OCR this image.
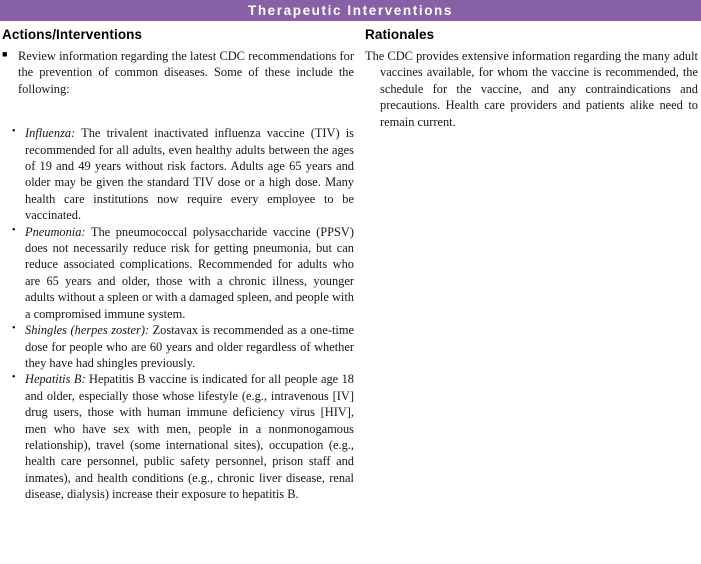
Therapeutic Interventions
Actions/Interventions
■ Review information regarding the latest CDC recommendations for the prevention of common diseases. Some of these include the following:
• Influenza: The trivalent inactivated influenza vaccine (TIV) is recommended for all adults, even healthy adults between the ages of 19 and 49 years without risk factors. Adults age 65 years and older may be given the standard TIV dose or a high dose. Many health care institutions now require every employee to be vaccinated.
• Pneumonia: The pneumococcal polysaccharide vaccine (PPSV) does not necessarily reduce risk for getting pneumonia, but can reduce associated complications. Recommended for adults who are 65 years and older, those with a chronic illness, younger adults without a spleen or with a damaged spleen, and people with a compromised immune system.
• Shingles (herpes zoster): Zostavax is recommended as a one-time dose for people who are 60 years and older regardless of whether they have had shingles previously.
• Hepatitis B: Hepatitis B vaccine is indicated for all people age 18 and older, especially those whose lifestyle (e.g., intravenous [IV] drug users, those with human immune deficiency virus [HIV], men who have sex with men, people in a nonmonogamous relationship), travel (some international sites), occupation (e.g., health care personnel, public safety personnel, prison staff and inmates), and health conditions (e.g., chronic liver disease, renal disease, dialysis) increase their exposure to hepatitis B.
Rationales

The CDC provides extensive information regarding the many adult vaccines available, for whom the vaccine is recommended, the schedule for the vaccine, and any contraindications and precautions. Health care providers and patients alike need to remain current.
